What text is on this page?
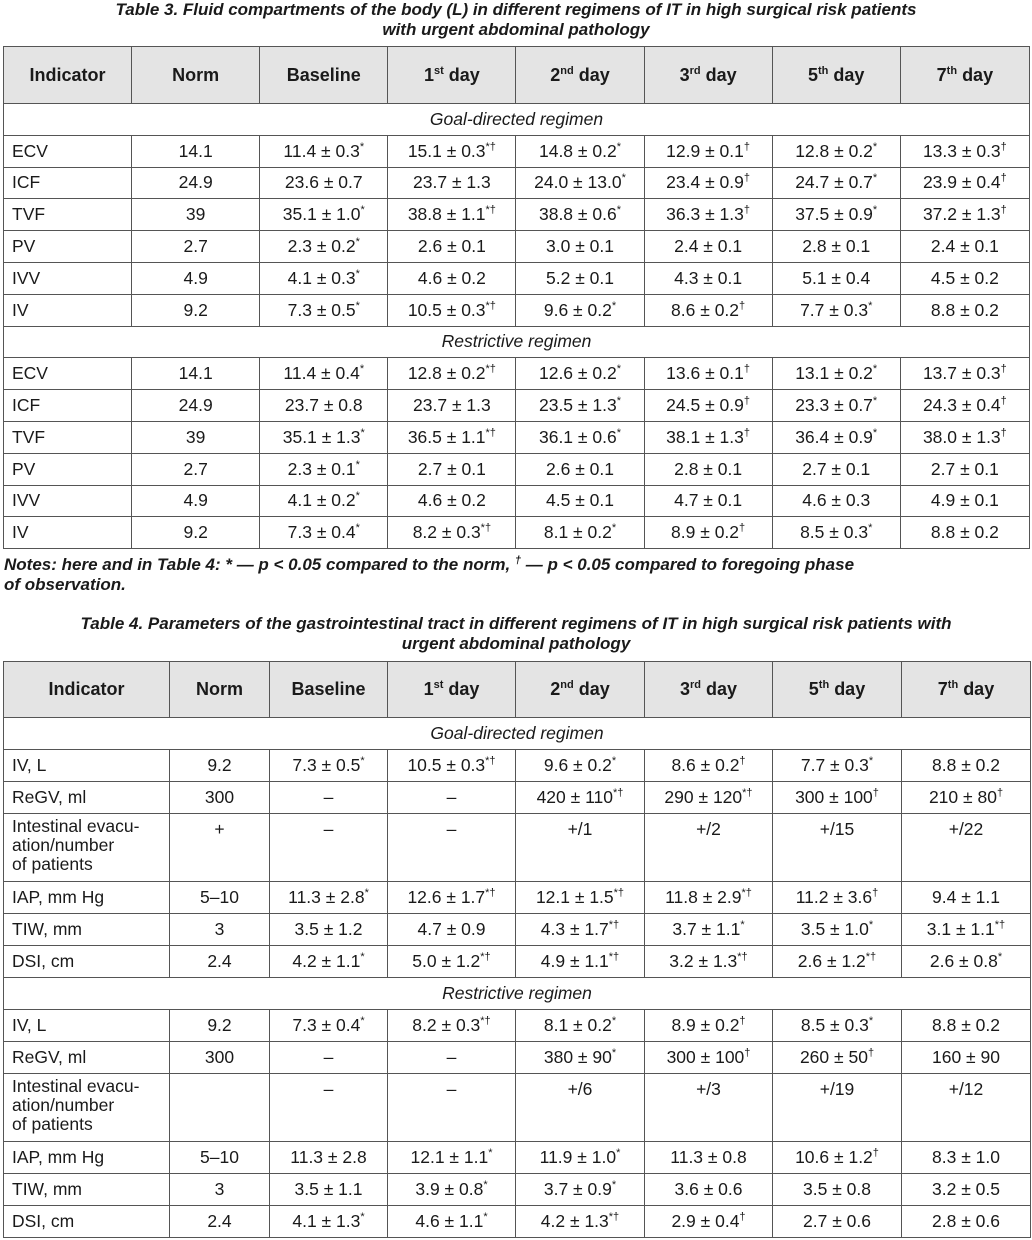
Table 3. Fluid compartments of the body (L) in different regimens of IT in high surgical risk patients
with urgent abdominal pathology
Indicator	Norm	Baseline	1st day	2nd day	3rd day	5th day	7th day
Goal-directed regimen							
ECV	14.1	11.4 ± 0.3*	15.1 ± 0.3*†	14.8 ± 0.2*	12.9 ± 0.1†	12.8 ± 0.2*	13.3 ± 0.3†
ICF	24.9	23.6 ± 0.7	23.7 ± 1.3	24.0 ± 13.0*	23.4 ± 0.9†	24.7 ± 0.7*	23.9 ± 0.4†
TVF	39	35.1 ± 1.0*	38.8 ± 1.1*†	38.8 ± 0.6*	36.3 ± 1.3†	37.5 ± 0.9*	37.2 ± 1.3†
PV	2.7	2.3 ± 0.2*	2.6 ± 0.1	3.0 ± 0.1	2.4 ± 0.1	2.8 ± 0.1	2.4 ± 0.1
IVV	4.9	4.1 ± 0.3*	4.6 ± 0.2	5.2 ± 0.1	4.3 ± 0.1	5.1 ± 0.4	4.5 ± 0.2
IV	9.2	7.3 ± 0.5*	10.5 ± 0.3*†	9.6 ± 0.2*	8.6 ± 0.2†	7.7 ± 0.3*	8.8 ± 0.2
Restrictive regimen							
ECV	14.1	11.4 ± 0.4*	12.8 ± 0.2*†	12.6 ± 0.2*	13.6 ± 0.1†	13.1 ± 0.2*	13.7 ± 0.3†
ICF	24.9	23.7 ± 0.8	23.7 ± 1.3	23.5 ± 1.3*	24.5 ± 0.9†	23.3 ± 0.7*	24.3 ± 0.4†
TVF	39	35.1 ± 1.3*	36.5 ± 1.1*†	36.1 ± 0.6*	38.1 ± 1.3†	36.4 ± 0.9*	38.0 ± 1.3†
PV	2.7	2.3 ± 0.1*	2.7 ± 0.1	2.6 ± 0.1	2.8 ± 0.1	2.7 ± 0.1	2.7 ± 0.1
IVV	4.9	4.1 ± 0.2*	4.6 ± 0.2	4.5 ± 0.1	4.7 ± 0.1	4.6 ± 0.3	4.9 ± 0.1
IV	9.2	7.3 ± 0.4*	8.2 ± 0.3*†	8.1 ± 0.2*	8.9 ± 0.2†	8.5 ± 0.3*	8.8 ± 0.2
Notes: here and in Table 4: * — p < 0.05 compared to the norm, † — p < 0.05 compared to foregoing phase
of observation.
Table 4. Parameters of the gastrointestinal tract in different regimens of IT in high surgical risk patients with
urgent abdominal pathology
Indicator	Norm	Baseline	1st day	2nd day	3rd day	5th day	7th day
Goal-directed regimen							
IV, L	9.2	7.3 ± 0.5*	10.5 ± 0.3*†	9.6 ± 0.2*	8.6 ± 0.2†	7.7 ± 0.3*	8.8 ± 0.2
ReGV, ml	300	–	–	420 ± 110*†	290 ± 120*†	300 ± 100†	210 ± 80†

Intestinal evacu-
ation/number
of patients	+	–	–	+/1	+/2	+/15	+/22
IAP, mm Hg	5–10	11.3 ± 2.8*	12.6 ± 1.7*†	12.1 ± 1.5*†	11.8 ± 2.9*†	11.2 ± 3.6†	9.4 ± 1.1
TIW, mm	3	3.5 ± 1.2	4.7 ± 0.9	4.3 ± 1.7*†	3.7 ± 1.1*	3.5 ± 1.0*	3.1 ± 1.1*†
DSI, cm	2.4	4.2 ± 1.1*	5.0 ± 1.2*†	4.9 ± 1.1*†	3.2 ± 1.3*†	2.6 ± 1.2*†	2.6 ± 0.8*
Restrictive regimen							
IV, L	9.2	7.3 ± 0.4*	8.2 ± 0.3*†	8.1 ± 0.2*	8.9 ± 0.2†	8.5 ± 0.3*	8.8 ± 0.2
ReGV, ml	300	–	–	380 ± 90*	300 ± 100†	260 ± 50†	160 ± 90

Intestinal evacu-
ation/number
of patients		–	–	+/6	+/3	+/19	+/12
IAP, mm Hg	5–10	11.3 ± 2.8	12.1 ± 1.1*	11.9 ± 1.0*	11.3 ± 0.8	10.6 ± 1.2†	8.3 ± 1.0
TIW, mm	3	3.5 ± 1.1	3.9 ± 0.8*	3.7 ± 0.9*	3.6 ± 0.6	3.5 ± 0.8	3.2 ± 0.5
DSI, cm	2.4	4.1 ± 1.3*	4.6 ± 1.1*	4.2 ± 1.3*†	2.9 ± 0.4†	2.7 ± 0.6	2.8 ± 0.6
